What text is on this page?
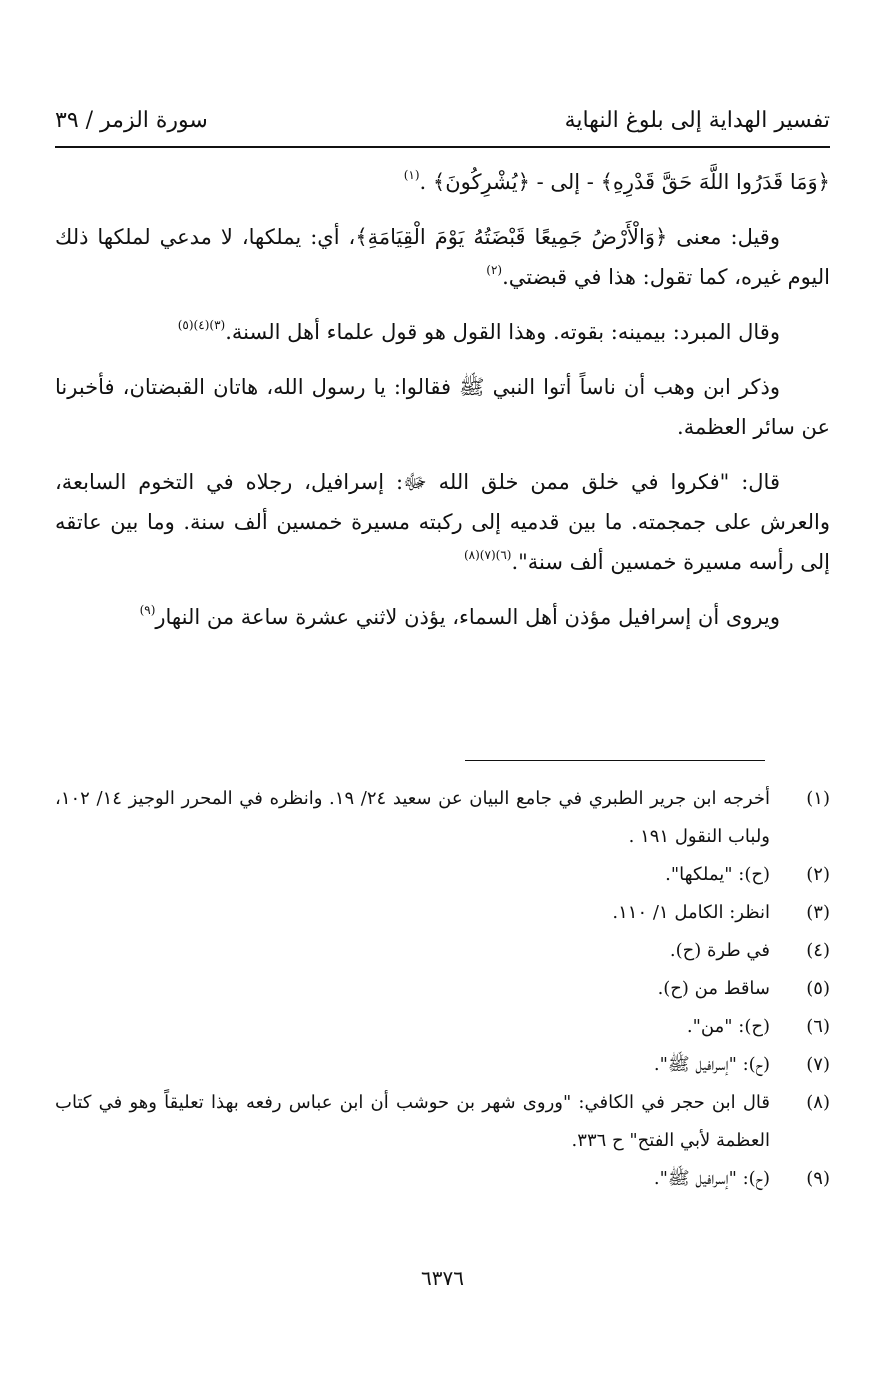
تفسير الهداية إلى بلوغ النهاية
سورة الزمر / ٣٩

﴿وَمَا قَدَرُوا اللَّهَ حَقَّ قَدْرِهِ﴾ - إلى - ﴿يُشْرِكُونَ﴾ .$^{(١)}$

وقيل: معنى ﴿وَالْأَرْضُ جَمِيعًا قَبْضَتُهُ يَوْمَ الْقِيَامَةِ﴾، أي: يملكها، لا مدعي لملكها ذلك اليوم غيره، كما تقول: هذا في قبضتي.$^{(٢)}$

وقال المبرد: بيمينه: بقوته. وهذا القول هو قول علماء أهل السنة.$^{(٣)(٤)(٥)}$

وذكر ابن وهب أن ناساً أتوا النبي ﷺ فقالوا: يا رسول الله، هاتان القبضتان، فأخبرنا عن سائر العظمة.

قال: "فكروا في خلق ممن خلق الله ﷻ: إسرافيل، رجلاه في التخوم السابعة، والعرش على جمجمته. ما بين قدميه إلى ركبته مسيرة خمسين ألف سنة. وما بين عاتقه إلى رأسه مسيرة خمسين ألف سنة".$^{(٦)(٧)(٨)}$

ويروى أن إسرافيل مؤذن أهل السماء، يؤذن لاثني عشرة ساعة من النهار$^{(٩)}$

(١)
أخرجه ابن جرير الطبري في جامع البيان عن سعيد ٢٤/ ١٩. وانظره في المحرر الوجيز ١٤/ ١٠٢، ولباب النقول ١٩١ .
(٢)
(ح): "يملكها".
(٣)
انظر: الكامل ١/ ١١٠.
(٤)
في طرة (ح).
(٥)
ساقط من (ح).
(٦)
(ح): "من".
(٧)
(ح): "إسرافيل ﷺ".
(٨)
قال ابن حجر في الكافي: "وروى شهر بن حوشب أن ابن عباس رفعه بهذا تعليقاً وهو في كتاب العظمة لأبي الفتح" ح ٣٣٦.
(٩)
(ح): "إسرافيل ﷺ".
٦٣٧٦
